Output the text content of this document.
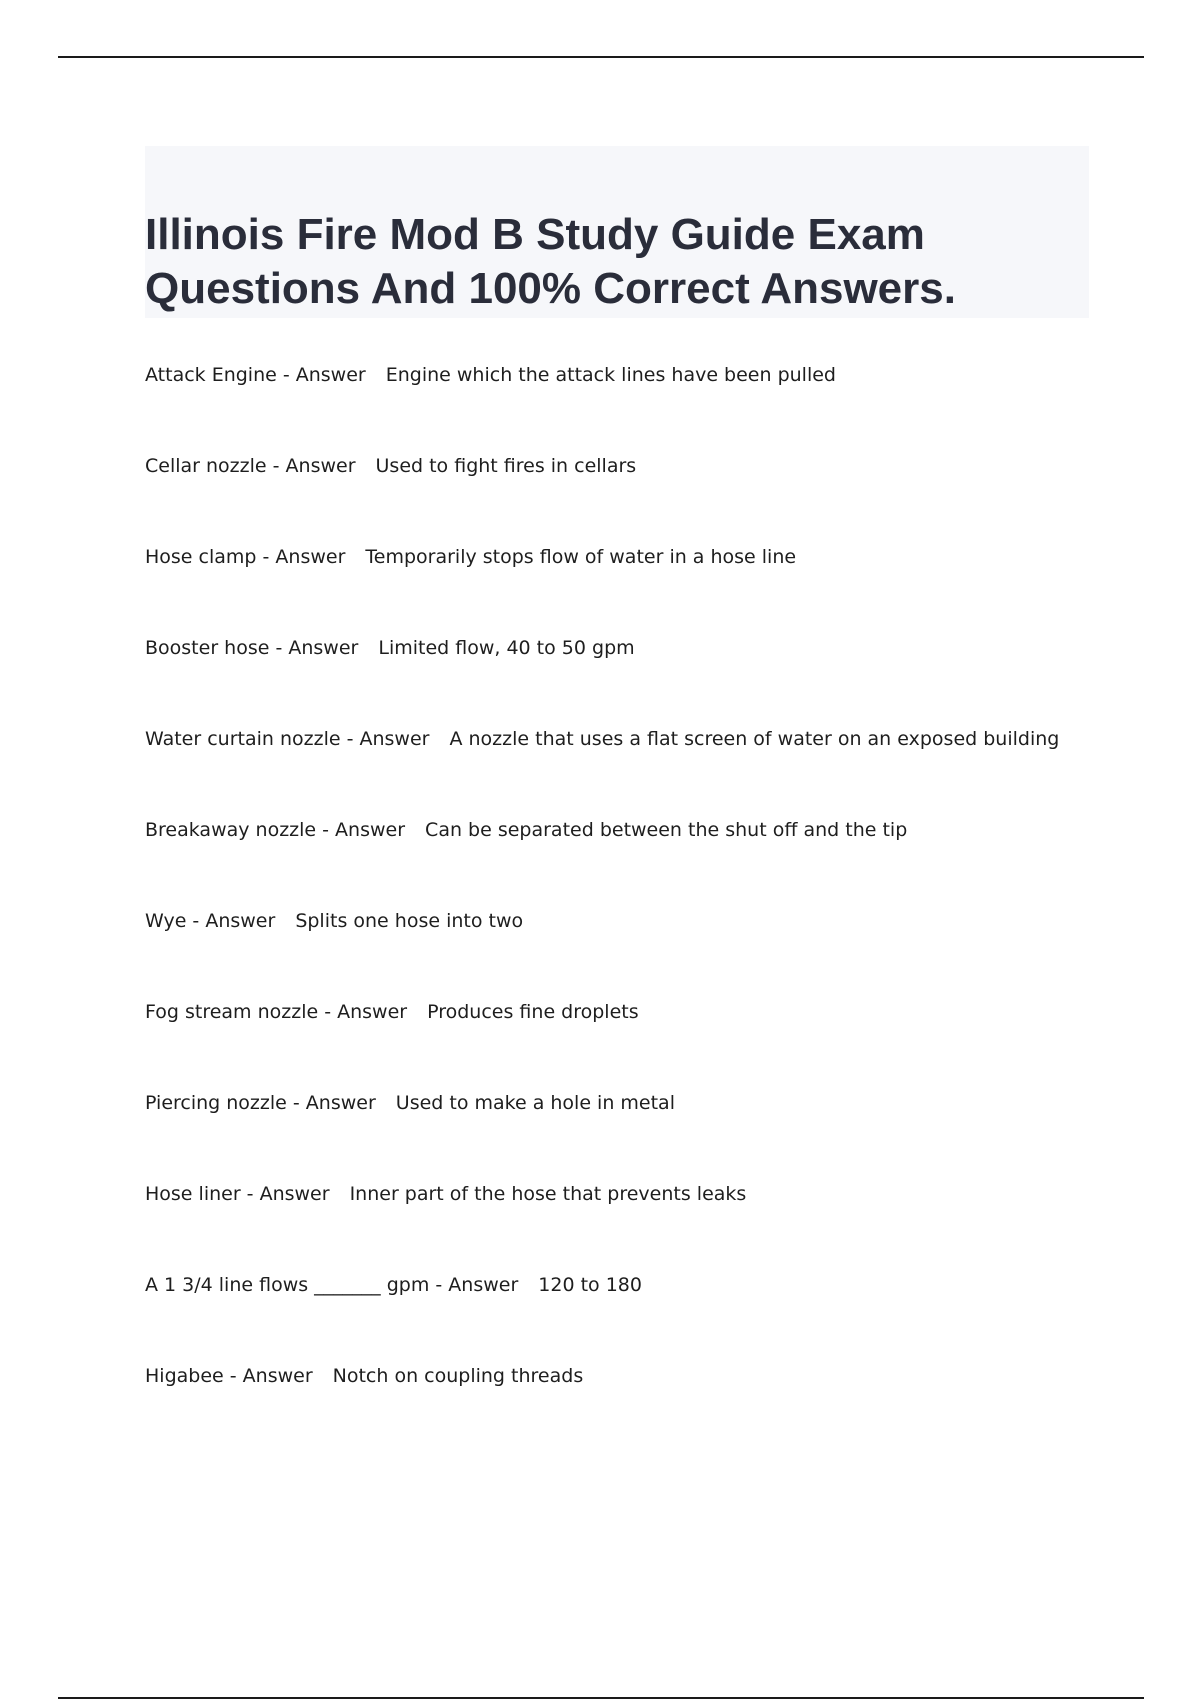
Illinois Fire Mod B Study Guide Exam Questions And 100% Correct Answers.
Attack Engine - Answer Engine which the attack lines have been pulled
Cellar nozzle - Answer Used to fight fires in cellars
Hose clamp - Answer Temporarily stops flow of water in a hose line
Booster hose - Answer Limited flow, 40 to 50 gpm
Water curtain nozzle - Answer A nozzle that uses a flat screen of water on an exposed building
Breakaway nozzle - Answer Can be separated between the shut off and the tip
Wye - Answer Splits one hose into two
Fog stream nozzle - Answer Produces fine droplets
Piercing nozzle - Answer Used to make a hole in metal
Hose liner - Answer Inner part of the hose that prevents leaks
A 1 3/4 line flows _______ gpm - Answer 120 to 180
Higabee - Answer Notch on coupling threads
